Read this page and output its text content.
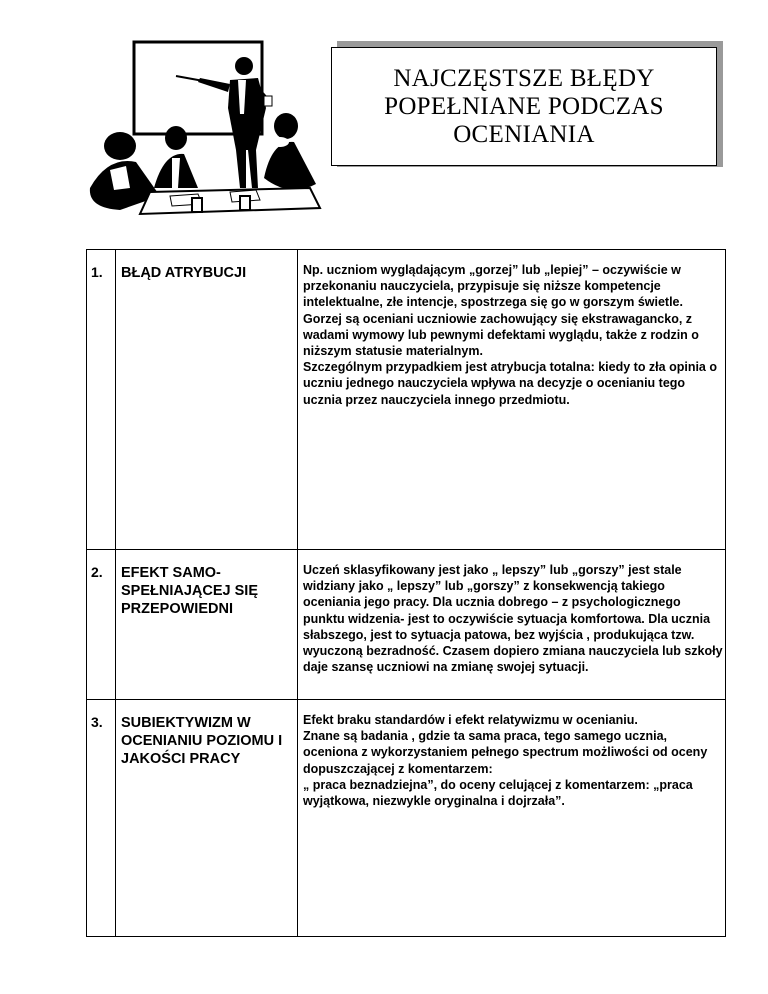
NAJCZĘSTSZE BŁĘDY
POPEŁNIANE PODCZAS
OCENIANIA
1.	BŁĄD ATRYBUCJI	Np. uczniom wyglądającym „gorzej” lub „lepiej” – oczywiście w przekonaniu nauczyciela, przypisuje się niższe kompetencje intelektualne, złe intencje, spostrzega się go w gorszym świetle.

Gorzej są oceniani uczniowie zachowujący się ekstrawagancko, z wadami wymowy lub pewnymi defektami wyglądu, także z rodzin o niższym statusie materialnym.

Szczególnym przypadkiem jest atrybucja totalna: kiedy to zła opinia o uczniu jednego nauczyciela wpływa na decyzje o ocenianiu tego ucznia przez nauczyciela innego przedmiotu.

2.	EFEKT SAMO-SPEŁNIAJĄCEJ SIĘ PRZEPOWIEDNI	Uczeń sklasyfikowany jest jako „ lepszy” lub „gorszy” jest stale widziany jako „ lepszy” lub „gorszy” z konsekwencją takiego oceniania jego pracy. Dla ucznia dobrego – z psychologicznego punktu widzenia- jest to oczywiście sytuacja komfortowa. Dla ucznia słabszego, jest to sytuacja patowa, bez wyjścia , produkująca tzw. wyuczoną bezradność. Czasem dopiero zmiana nauczyciela lub szkoły daje szansę uczniowi na zmianę swojej sytuacji.

3.	SUBIEKTYWIZM W OCENIANIU POZIOMU I JAKOŚCI PRACY	Efekt braku standardów i efekt relatywizmu w ocenianiu.

Znane są badania , gdzie ta sama praca, tego samego ucznia, oceniona z wykorzystaniem pełnego spectrum możliwości od oceny dopuszczającej z komentarzem:

„ praca beznadziejna”, do oceny celującej z komentarzem: „praca wyjątkowa, niezwykle oryginalna i dojrzała”.
